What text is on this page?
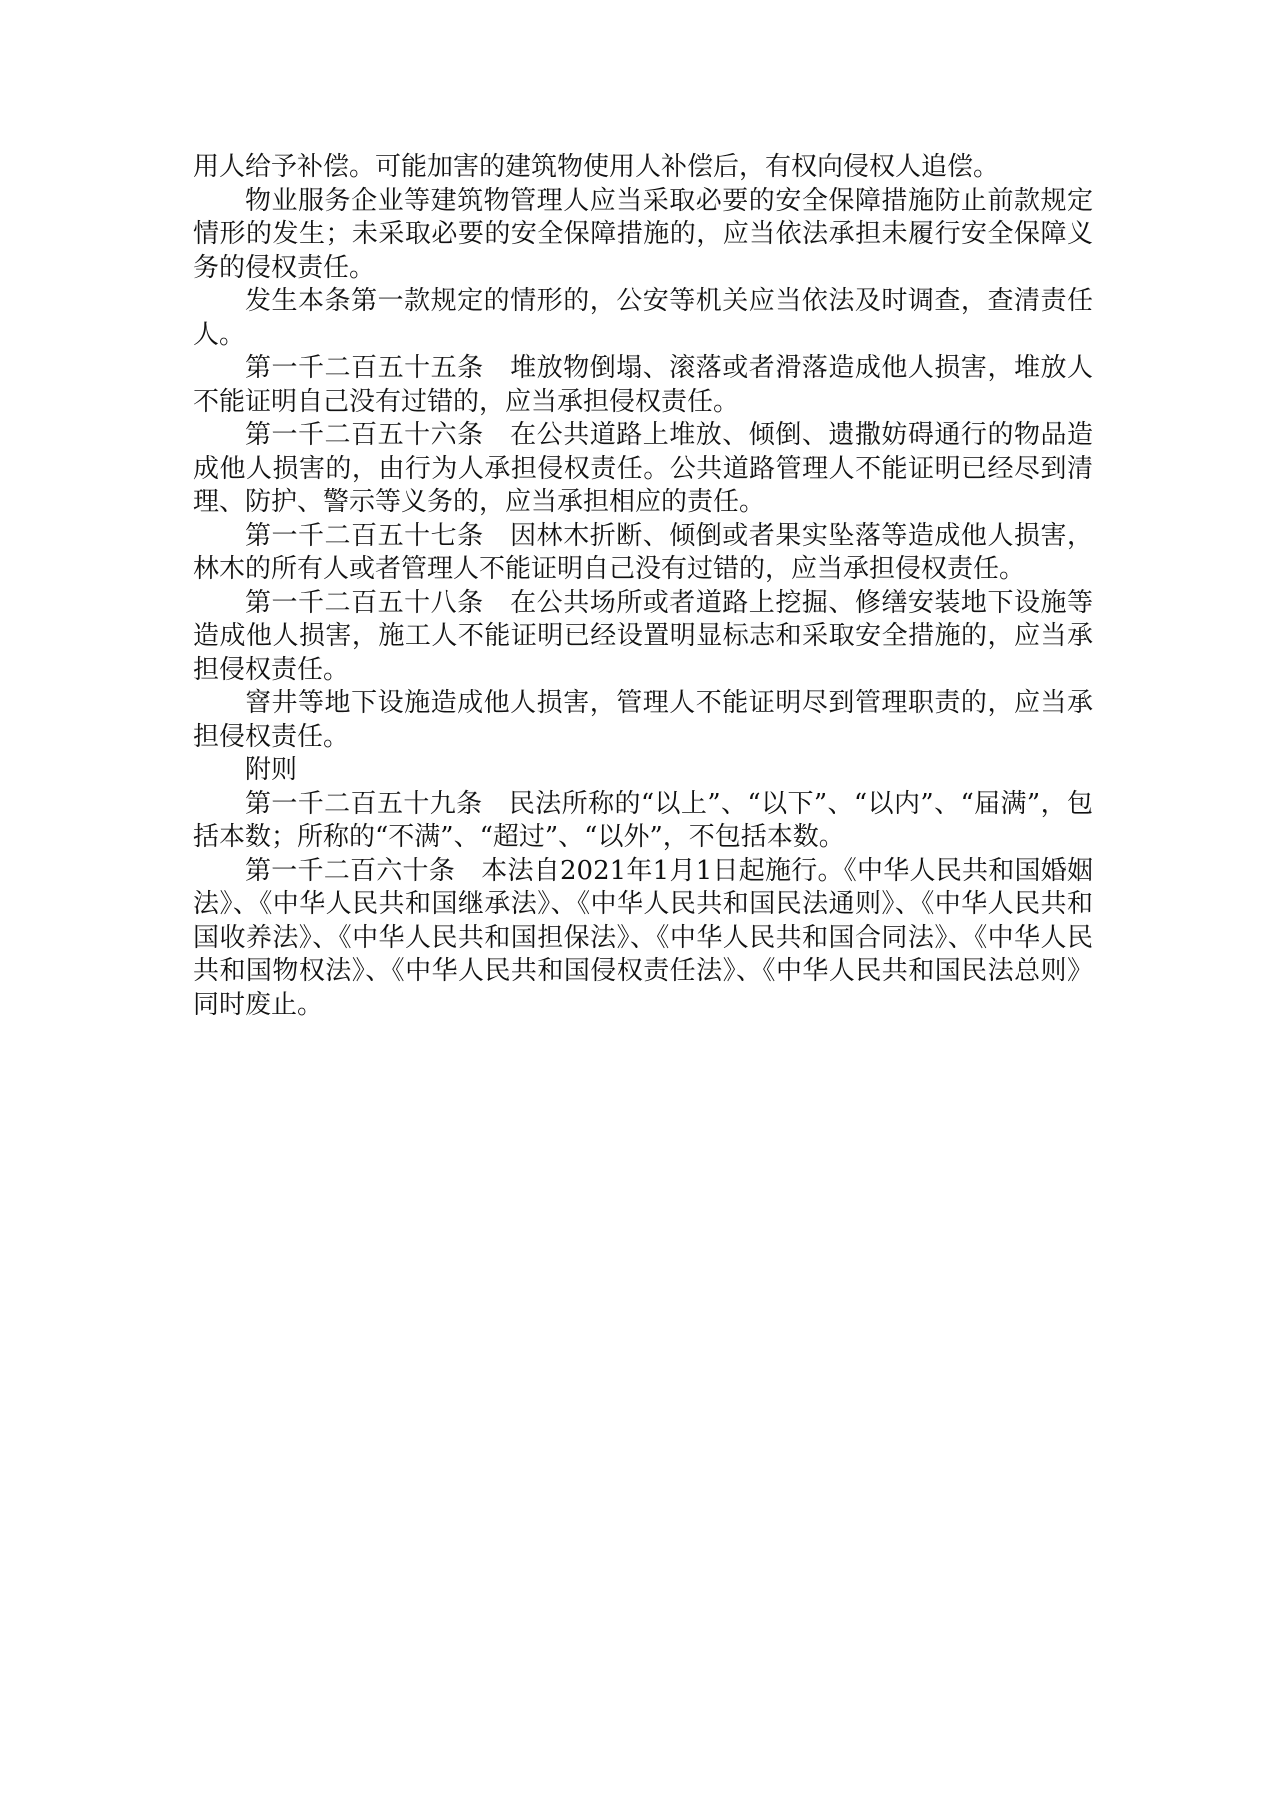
用人给予补偿。可能加害的建筑物使用人补偿后，有权向侵权人追偿。

物业服务企业等建筑物管理人应当采取必要的安全保障措施防止前款规定情形的发生；未采取必要的安全保障措施的，应当依法承担未履行安全保障义务的侵权责任。

发生本条第一款规定的情形的，公安等机关应当依法及时调查，查清责任人。

第一千二百五十五条　堆放物倒塌、滚落或者滑落造成他人损害，堆放人不能证明自己没有过错的，应当承担侵权责任。

第一千二百五十六条　在公共道路上堆放、倾倒、遗撒妨碍通行的物品造成他人损害的，由行为人承担侵权责任。公共道路管理人不能证明已经尽到清理、防护、警示等义务的，应当承担相应的责任。

第一千二百五十七条　因林木折断、倾倒或者果实坠落等造成他人损害，林木的所有人或者管理人不能证明自己没有过错的，应当承担侵权责任。

第一千二百五十八条　在公共场所或者道路上挖掘、修缮安装地下设施等造成他人损害，施工人不能证明已经设置明显标志和采取安全措施的，应当承担侵权责任。

窨井等地下设施造成他人损害，管理人不能证明尽到管理职责的，应当承担侵权责任。

附则

第一千二百五十九条　民法所称的“以上”、“以下”、“以内”、“届满”，包括本数；所称的“不满”、“超过”、“以外”，不包括本数。

第一千二百六十条　本法自2021年1月1日起施行。《中华人民共和国婚姻法》、《中华人民共和国继承法》、《中华人民共和国民法通则》、《中华人民共和国收养法》、《中华人民共和国担保法》、《中华人民共和国合同法》、《中华人民共和国物权法》、《中华人民共和国侵权责任法》、《中华人民共和国民法总则》同时废止。
